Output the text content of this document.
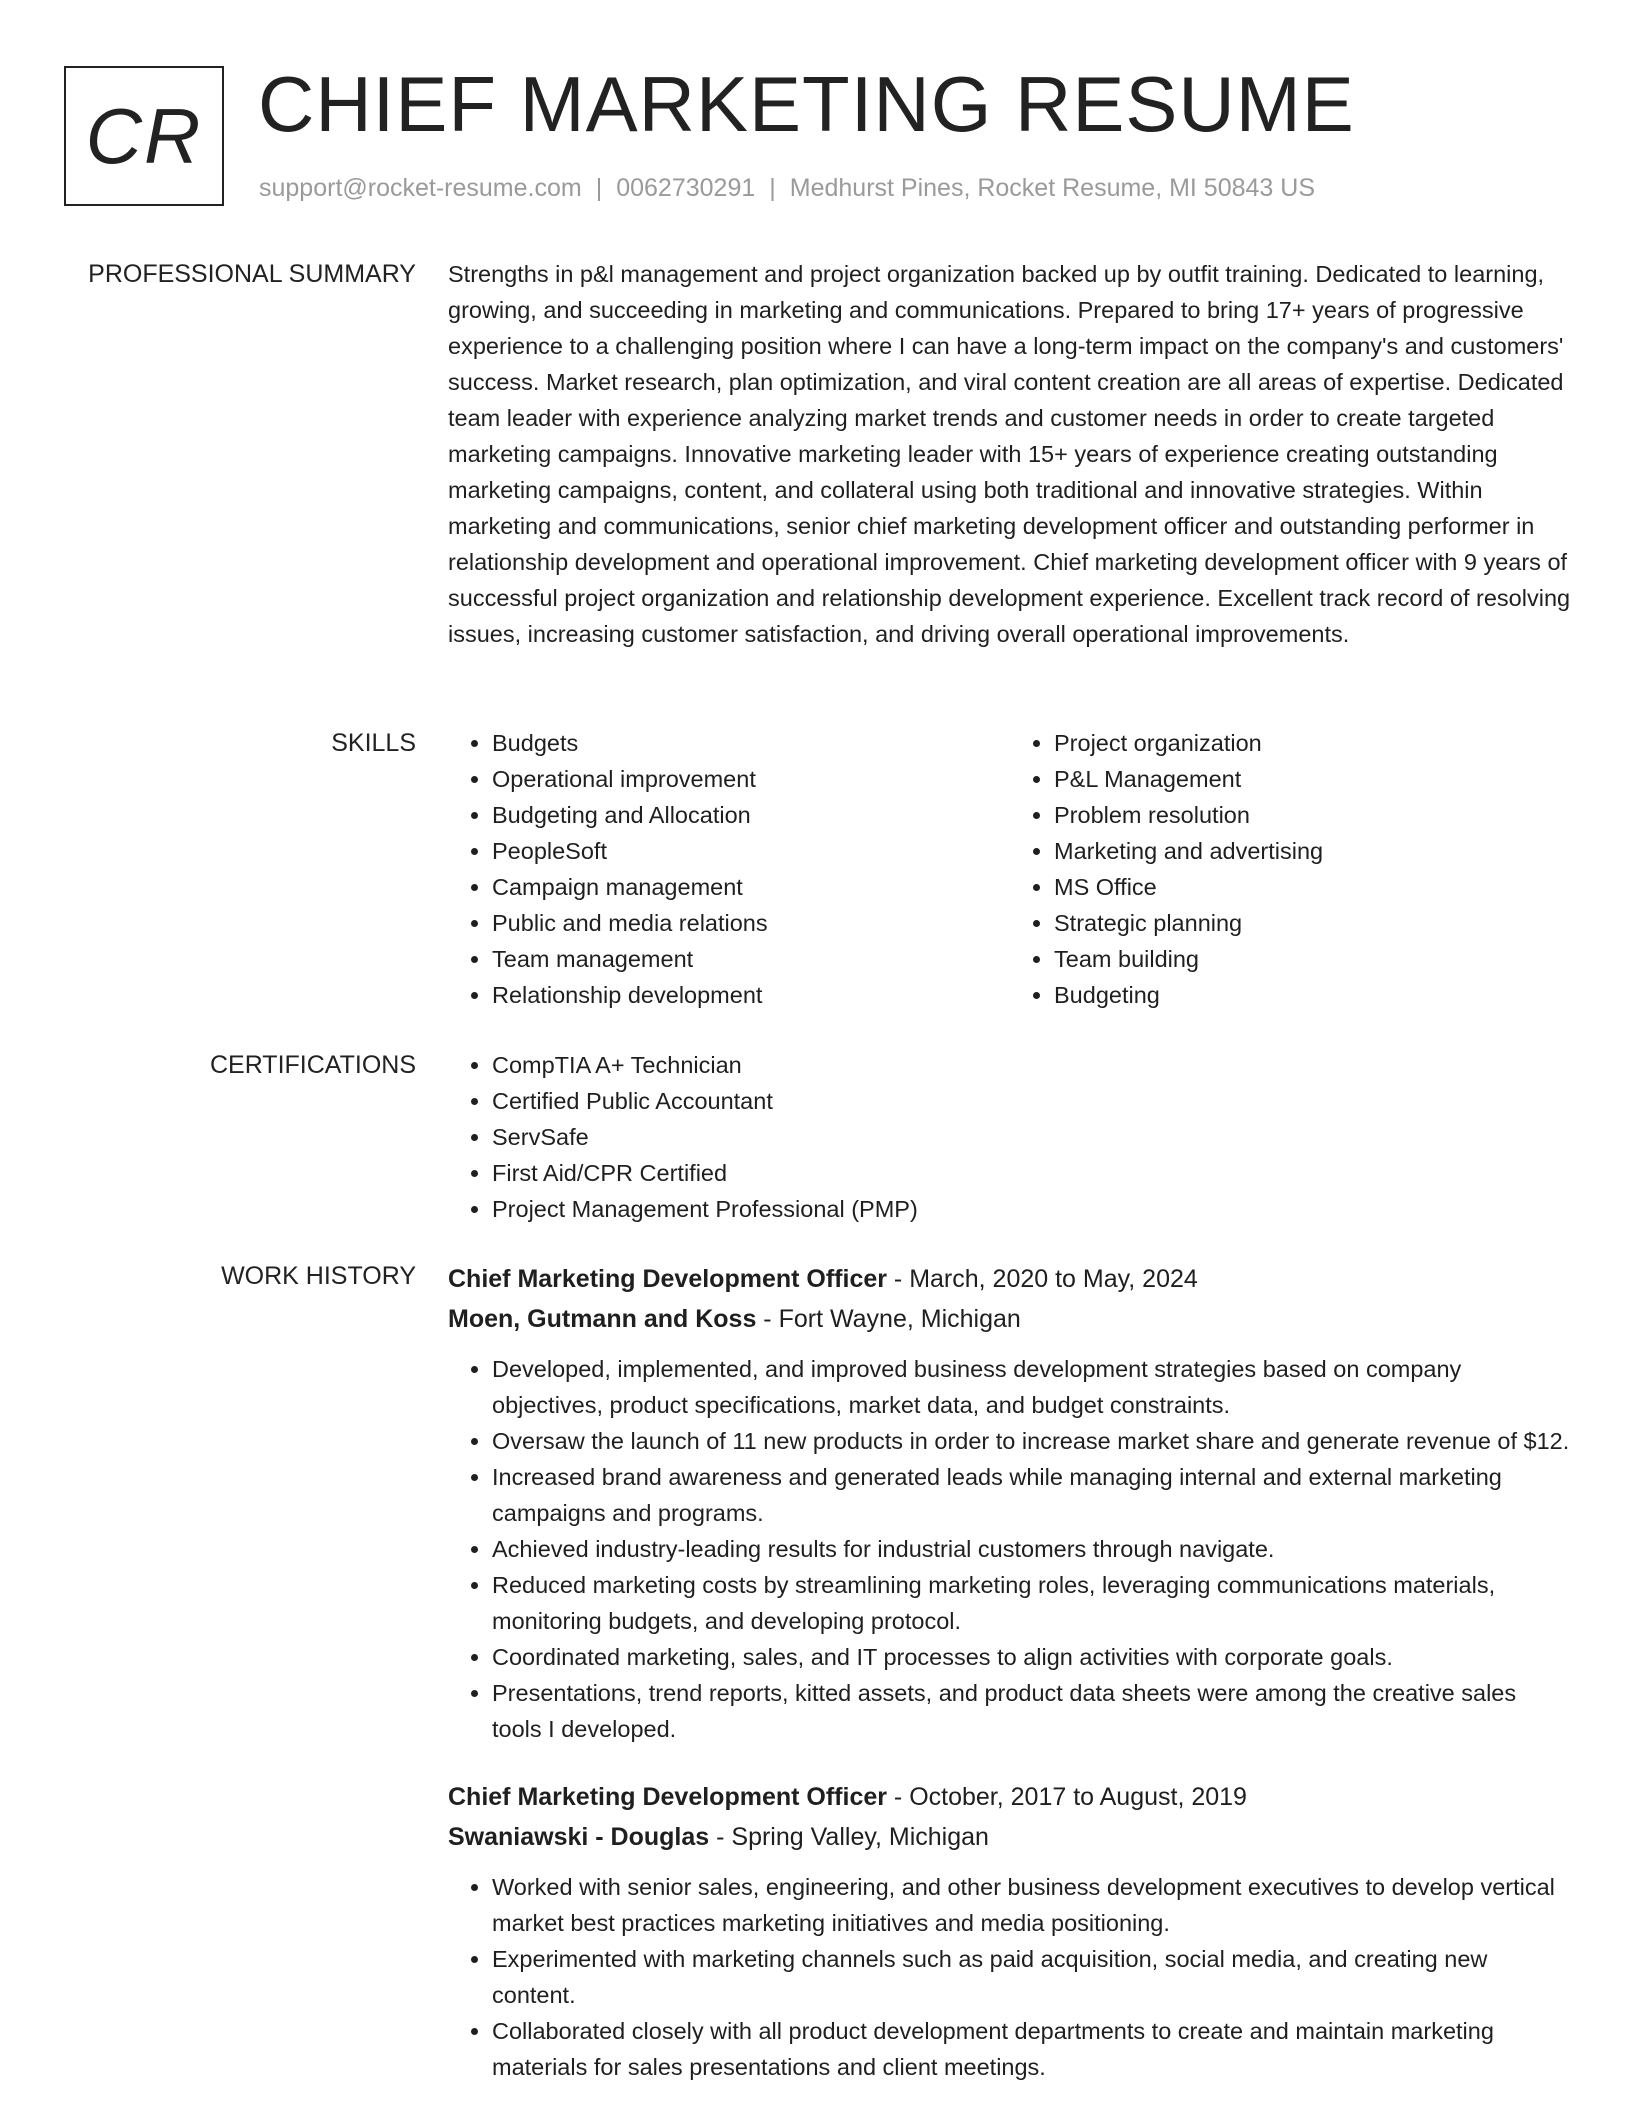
CR CHIEF MARKETING RESUME
support@rocket-resume.com | 0062730291 | Medhurst Pines, Rocket Resume, MI 50843 US
PROFESSIONAL SUMMARY Strengths in p&l management and project organization backed up by outfit training. Dedicated to learning, growing, and succeeding in marketing and communications. Prepared to bring 17+ years of progressive experience to a challenging position where I can have a long-term impact on the company's and customers' success. Market research, plan optimization, and viral content creation are all areas of expertise. Dedicated team leader with experience analyzing market trends and customer needs in order to create targeted marketing campaigns. Innovative marketing leader with 15+ years of experience creating outstanding marketing campaigns, content, and collateral using both traditional and innovative strategies. Within marketing and communications, senior chief marketing development officer and outstanding performer in relationship development and operational improvement. Chief marketing development officer with 9 years of successful project organization and relationship development experience. Excellent track record of resolving issues, increasing customer satisfaction, and driving overall operational improvements.
SKILLS	• Budgets
• Operational improvement
• Budgeting and Allocation
• PeopleSoft
• Campaign management
• Public and media relations
• Team management
• Relationship development
• Project organization
• P&L Management
• Problem resolution
• Marketing and advertising
• MS Office
• Strategic planning
• Team building
• Budgeting
CERTIFICATIONS	• CompTIA A+ Technician
• Certified Public Accountant
• ServSafe
• First Aid/CPR Certified
• Project Management Professional (PMP)
WORK HISTORY Chief Marketing Development Officer - March, 2020 to May, 2024
Moen, Gutmann and Koss - Fort Wayne, Michigan
• Developed, implemented, and improved business development strategies based on company objectives, product specifications, market data, and budget constraints.
• Oversaw the launch of 11 new products in order to increase market share and generate revenue of $12.
• Increased brand awareness and generated leads while managing internal and external marketing campaigns and programs.
• Achieved industry-leading results for industrial customers through navigate.
• Reduced marketing costs by streamlining marketing roles, leveraging communications materials, monitoring budgets, and developing protocol.
• Coordinated marketing, sales, and IT processes to align activities with corporate goals.
• Presentations, trend reports, kitted assets, and product data sheets were among the creative sales tools I developed.
Chief Marketing Development Officer - October, 2017 to August, 2019
Swaniawski - Douglas - Spring Valley, Michigan
• Worked with senior sales, engineering, and other business development executives to develop vertical market best practices marketing initiatives and media positioning.
• Experimented with marketing channels such as paid acquisition, social media, and creating new content.
• Collaborated closely with all product development departments to create and maintain marketing materials for sales presentations and client meetings.
